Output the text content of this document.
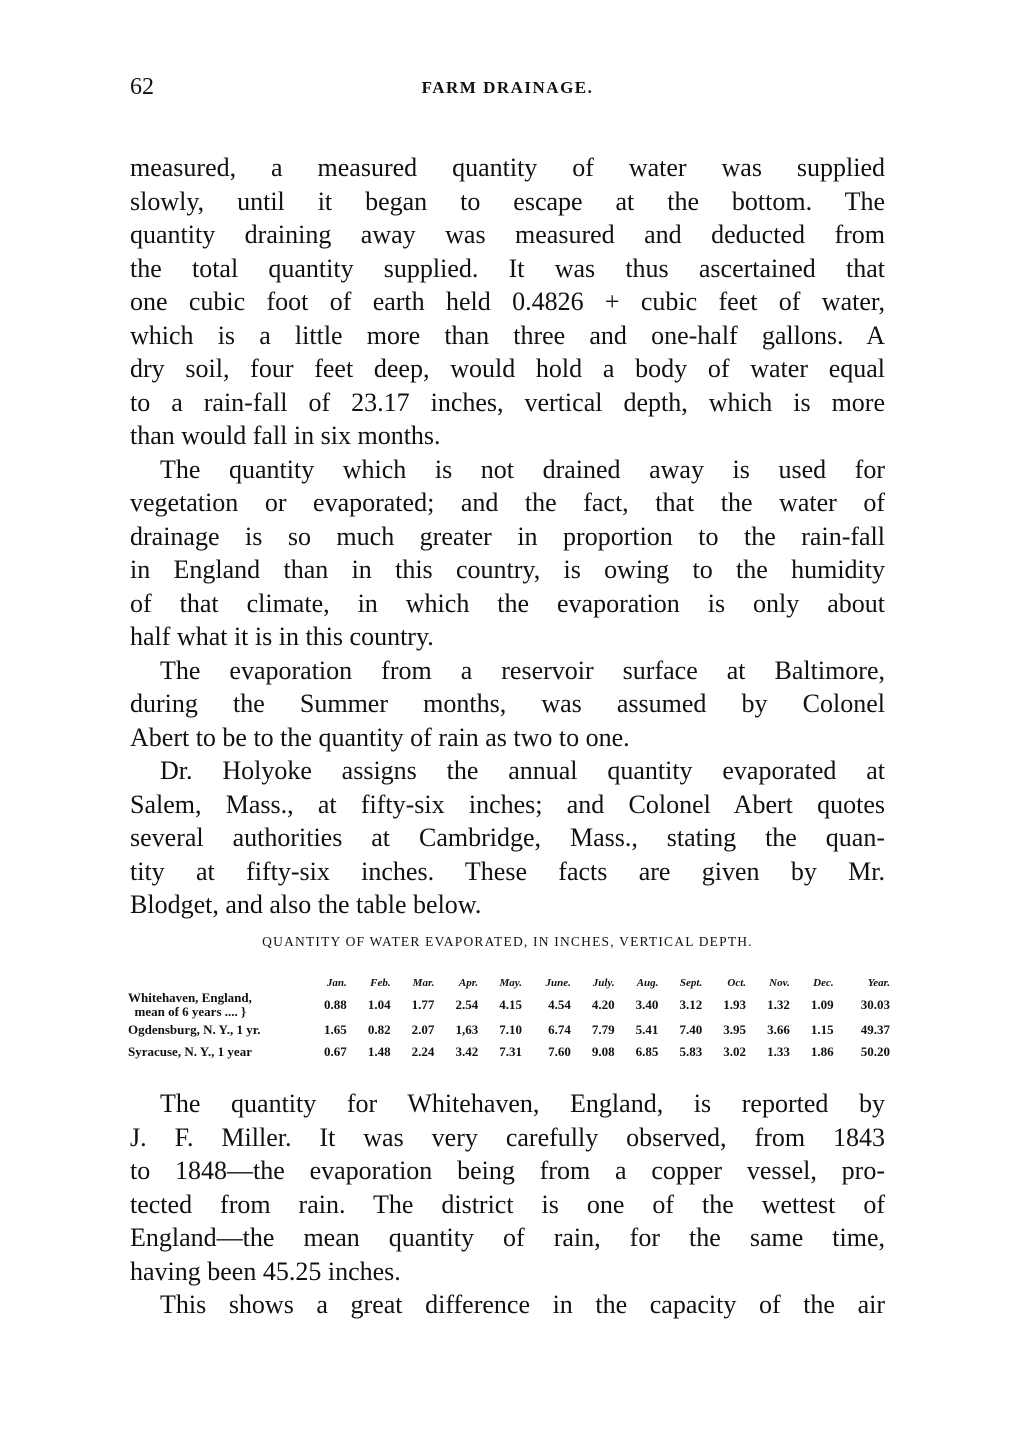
62	FARM DRAINAGE.
measured, a measured quantity of water was supplied
slowly, until it began to escape at the bottom. The
quantity draining away was measured and deducted from
the total quantity supplied. It was thus ascertained that
one cubic foot of earth held 0.4826 + cubic feet of water,
which is a little more than three and one-half gallons. A
dry soil, four feet deep, would hold a body of water equal
to a rain-fall of 23.17 inches, vertical depth, which is more
than would fall in six months.
The quantity which is not drained away is used for
vegetation or evaporated; and the fact, that the water of
drainage is so much greater in proportion to the rain-fall
in England than in this country, is owing to the humidity
of that climate, in which the evaporation is only about
half what it is in this country.
The evaporation from a reservoir surface at Baltimore,
during the Summer months, was assumed by Colonel
Abert to be to the quantity of rain as two to one.
Dr. Holyoke assigns the annual quantity evaporated at
Salem, Mass., at fifty-six inches; and Colonel Abert quotes
several authorities at Cambridge, Mass., stating the quan-
tity at fifty-six inches. These facts are given by Mr.
Blodget, and also the table below.
QUANTITY OF WATER EVAPORATED, IN INCHES, VERTICAL DEPTH.
	Jan.	Feb.	Mar.	Apr.	May.	June.	July.	Aug.	Sept.	Oct.	Nov.	Dec.	Year.
Whitehaven, England,
mean of 6 years .... }	0.88	1.04	1.77	2.54	4.15	4.54	4.20	3.40	3.12	1.93	1.32	1.09	30.03
Ogdensburg, N. Y., 1 yr.	1.65	0.82	2.07	1,63	7.10	6.74	7.79	5.41	7.40	3.95	3.66	1.15	49.37
Syracuse, N. Y., 1 year	0.67	1.48	2.24	3.42	7.31	7.60	9.08	6.85	5.83	3.02	1.33	1.86	50.20
The quantity for Whitehaven, England, is reported by
J. F. Miller. It was very carefully observed, from 1843
to 1848—the evaporation being from a copper vessel, pro-
tected from rain. The district is one of the wettest of
England—the mean quantity of rain, for the same time,
having been 45.25 inches.
This shows a great difference in the capacity of the air
